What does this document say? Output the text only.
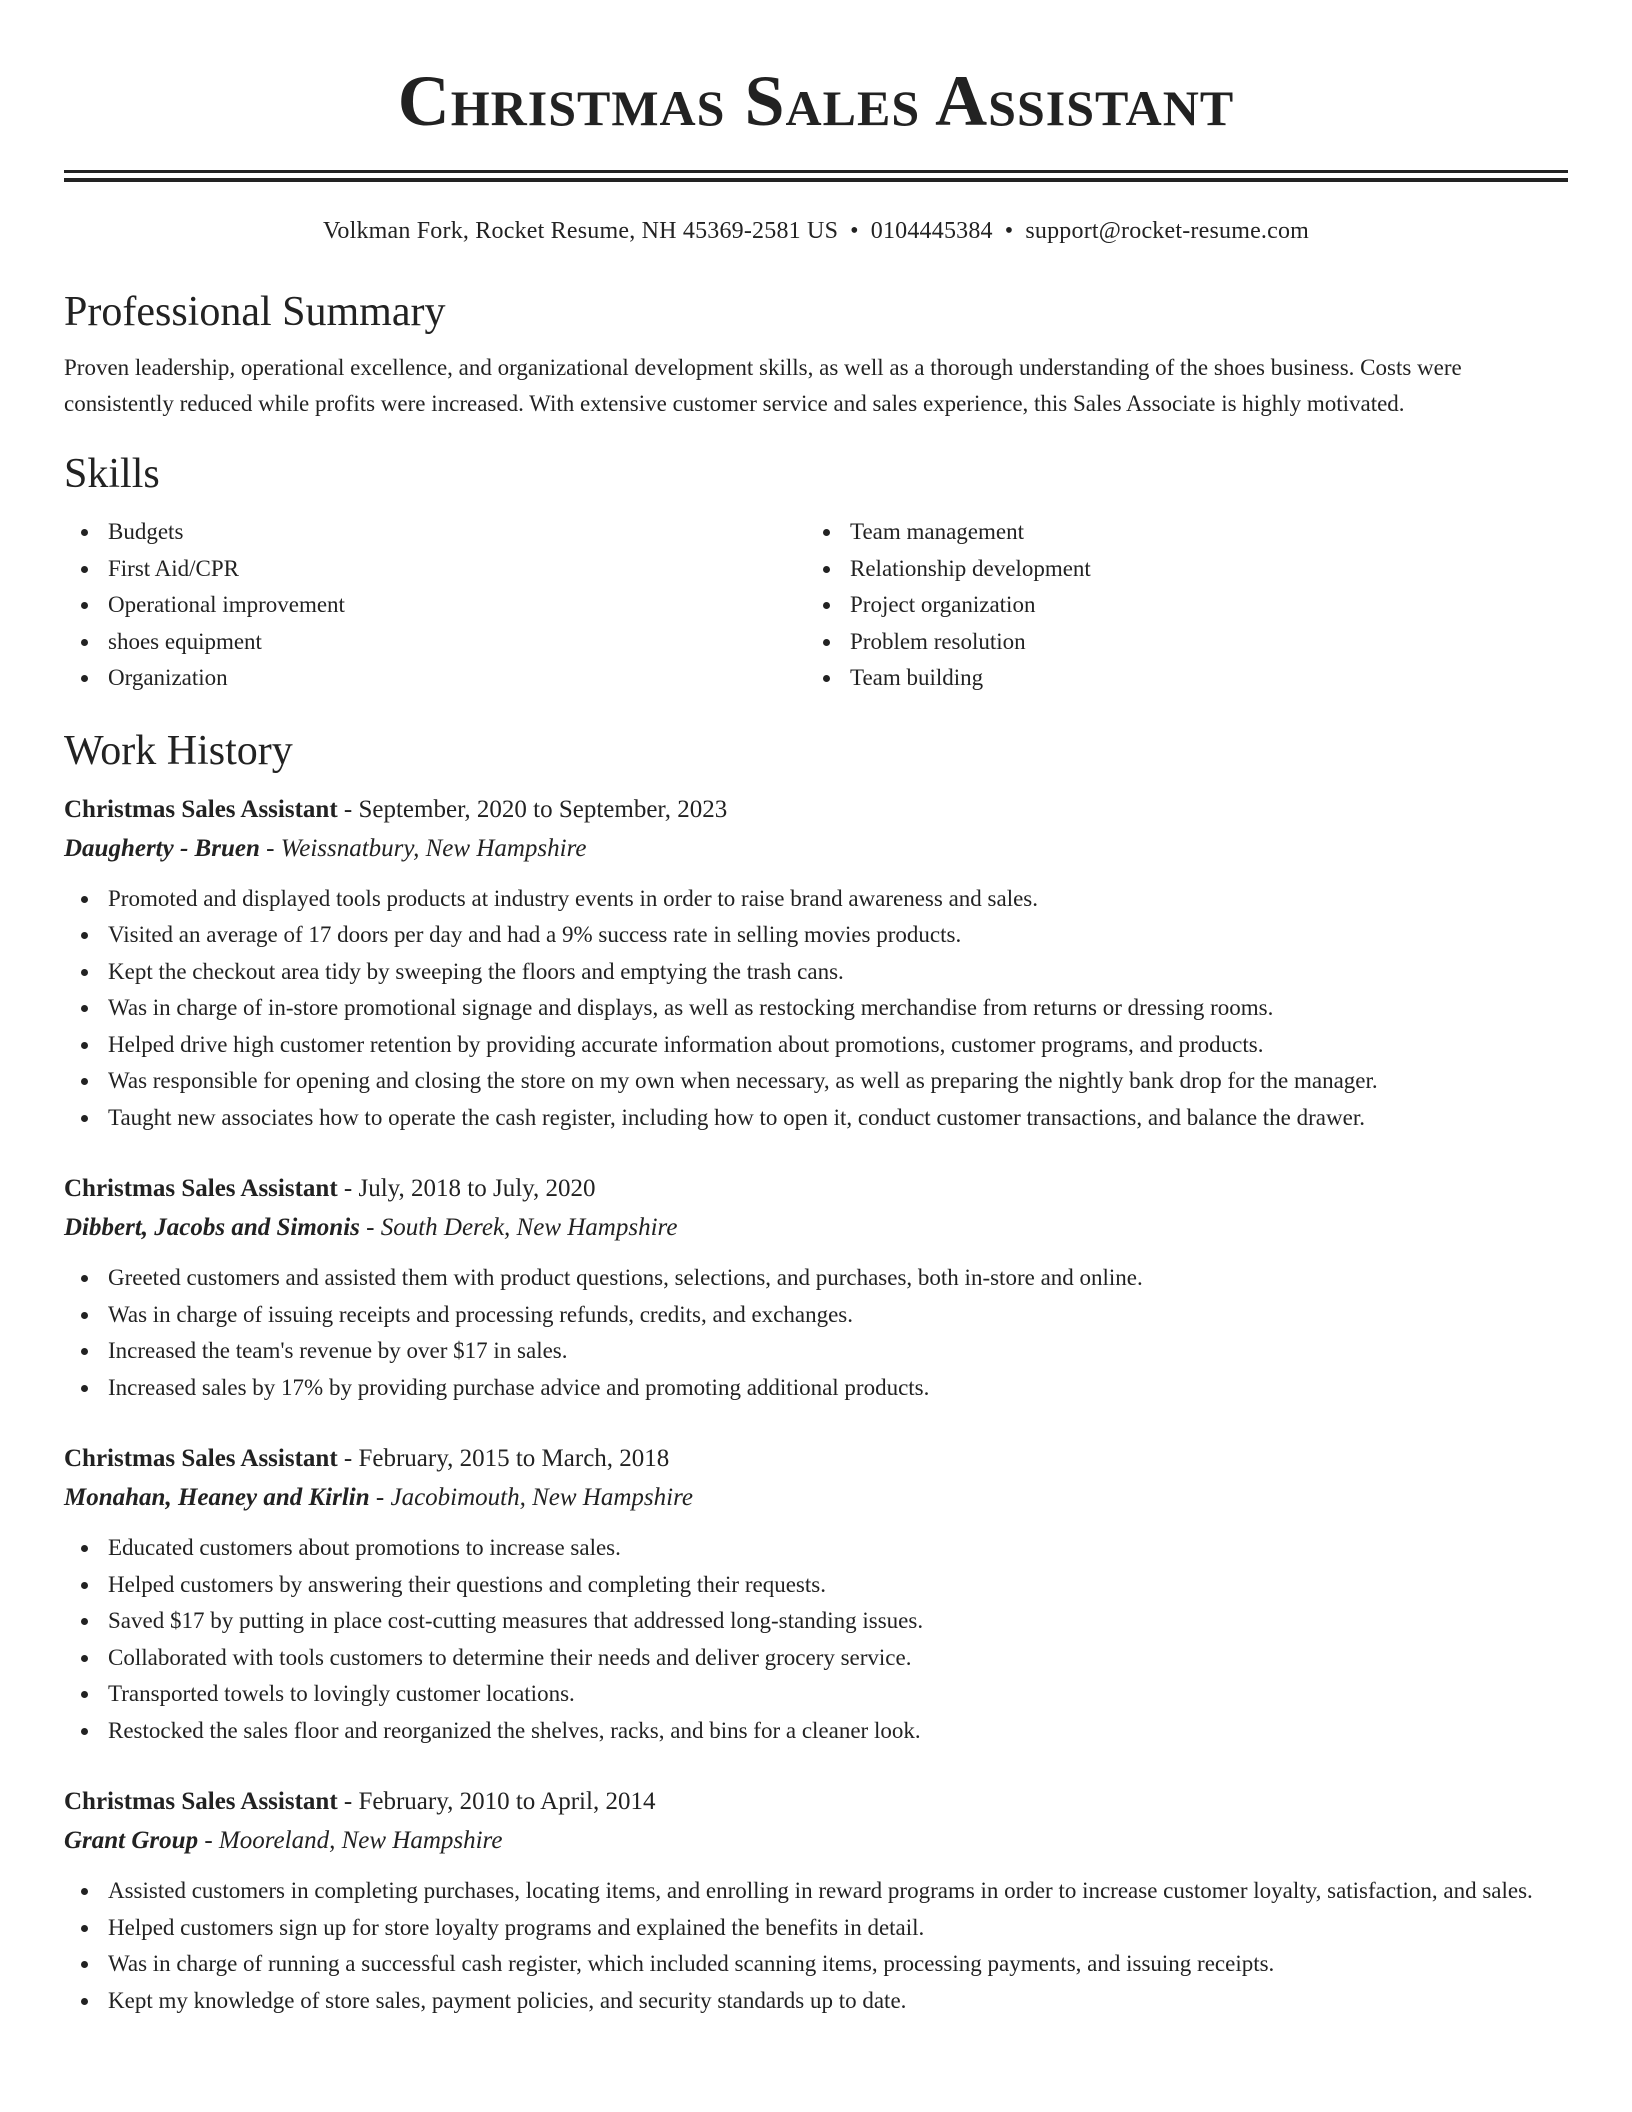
Christmas Sales Assistant
Volkman Fork, Rocket Resume, NH 45369-2581 US • 0104445384 • support@rocket-resume.com
Professional Summary

Proven leadership, operational excellence, and organizational development skills, as well as a thorough understanding of the shoes business. Costs were consistently reduced while profits were increased. With extensive customer service and sales experience, this Sales Associate is highly motivated.

Skills
Budgets
First Aid/CPR
Operational improvement
shoes equipment
Organization
Team management
Relationship development
Project organization
Problem resolution
Team building
Work History
Christmas Sales Assistant - September, 2020 to September, 2023
Daugherty - Bruen - Weissnatbury, New Hampshire
Promoted and displayed tools products at industry events in order to raise brand awareness and sales.
Visited an average of 17 doors per day and had a 9% success rate in selling movies products.
Kept the checkout area tidy by sweeping the floors and emptying the trash cans.
Was in charge of in-store promotional signage and displays, as well as restocking merchandise from returns or dressing rooms.
Helped drive high customer retention by providing accurate information about promotions, customer programs, and products.
Was responsible for opening and closing the store on my own when necessary, as well as preparing the nightly bank drop for the manager.
Taught new associates how to operate the cash register, including how to open it, conduct customer transactions, and balance the drawer.
Christmas Sales Assistant - July, 2018 to July, 2020
Dibbert, Jacobs and Simonis - South Derek, New Hampshire
Greeted customers and assisted them with product questions, selections, and purchases, both in-store and online.
Was in charge of issuing receipts and processing refunds, credits, and exchanges.
Increased the team's revenue by over $17 in sales.
Increased sales by 17% by providing purchase advice and promoting additional products.
Christmas Sales Assistant - February, 2015 to March, 2018
Monahan, Heaney and Kirlin - Jacobimouth, New Hampshire
Educated customers about promotions to increase sales.
Helped customers by answering their questions and completing their requests.
Saved $17 by putting in place cost-cutting measures that addressed long-standing issues.
Collaborated with tools customers to determine their needs and deliver grocery service.
Transported towels to lovingly customer locations.
Restocked the sales floor and reorganized the shelves, racks, and bins for a cleaner look.
Christmas Sales Assistant - February, 2010 to April, 2014
Grant Group - Mooreland, New Hampshire
Assisted customers in completing purchases, locating items, and enrolling in reward programs in order to increase customer loyalty, satisfaction, and sales.
Helped customers sign up for store loyalty programs and explained the benefits in detail.
Was in charge of running a successful cash register, which included scanning items, processing payments, and issuing receipts.
Kept my knowledge of store sales, payment policies, and security standards up to date.
